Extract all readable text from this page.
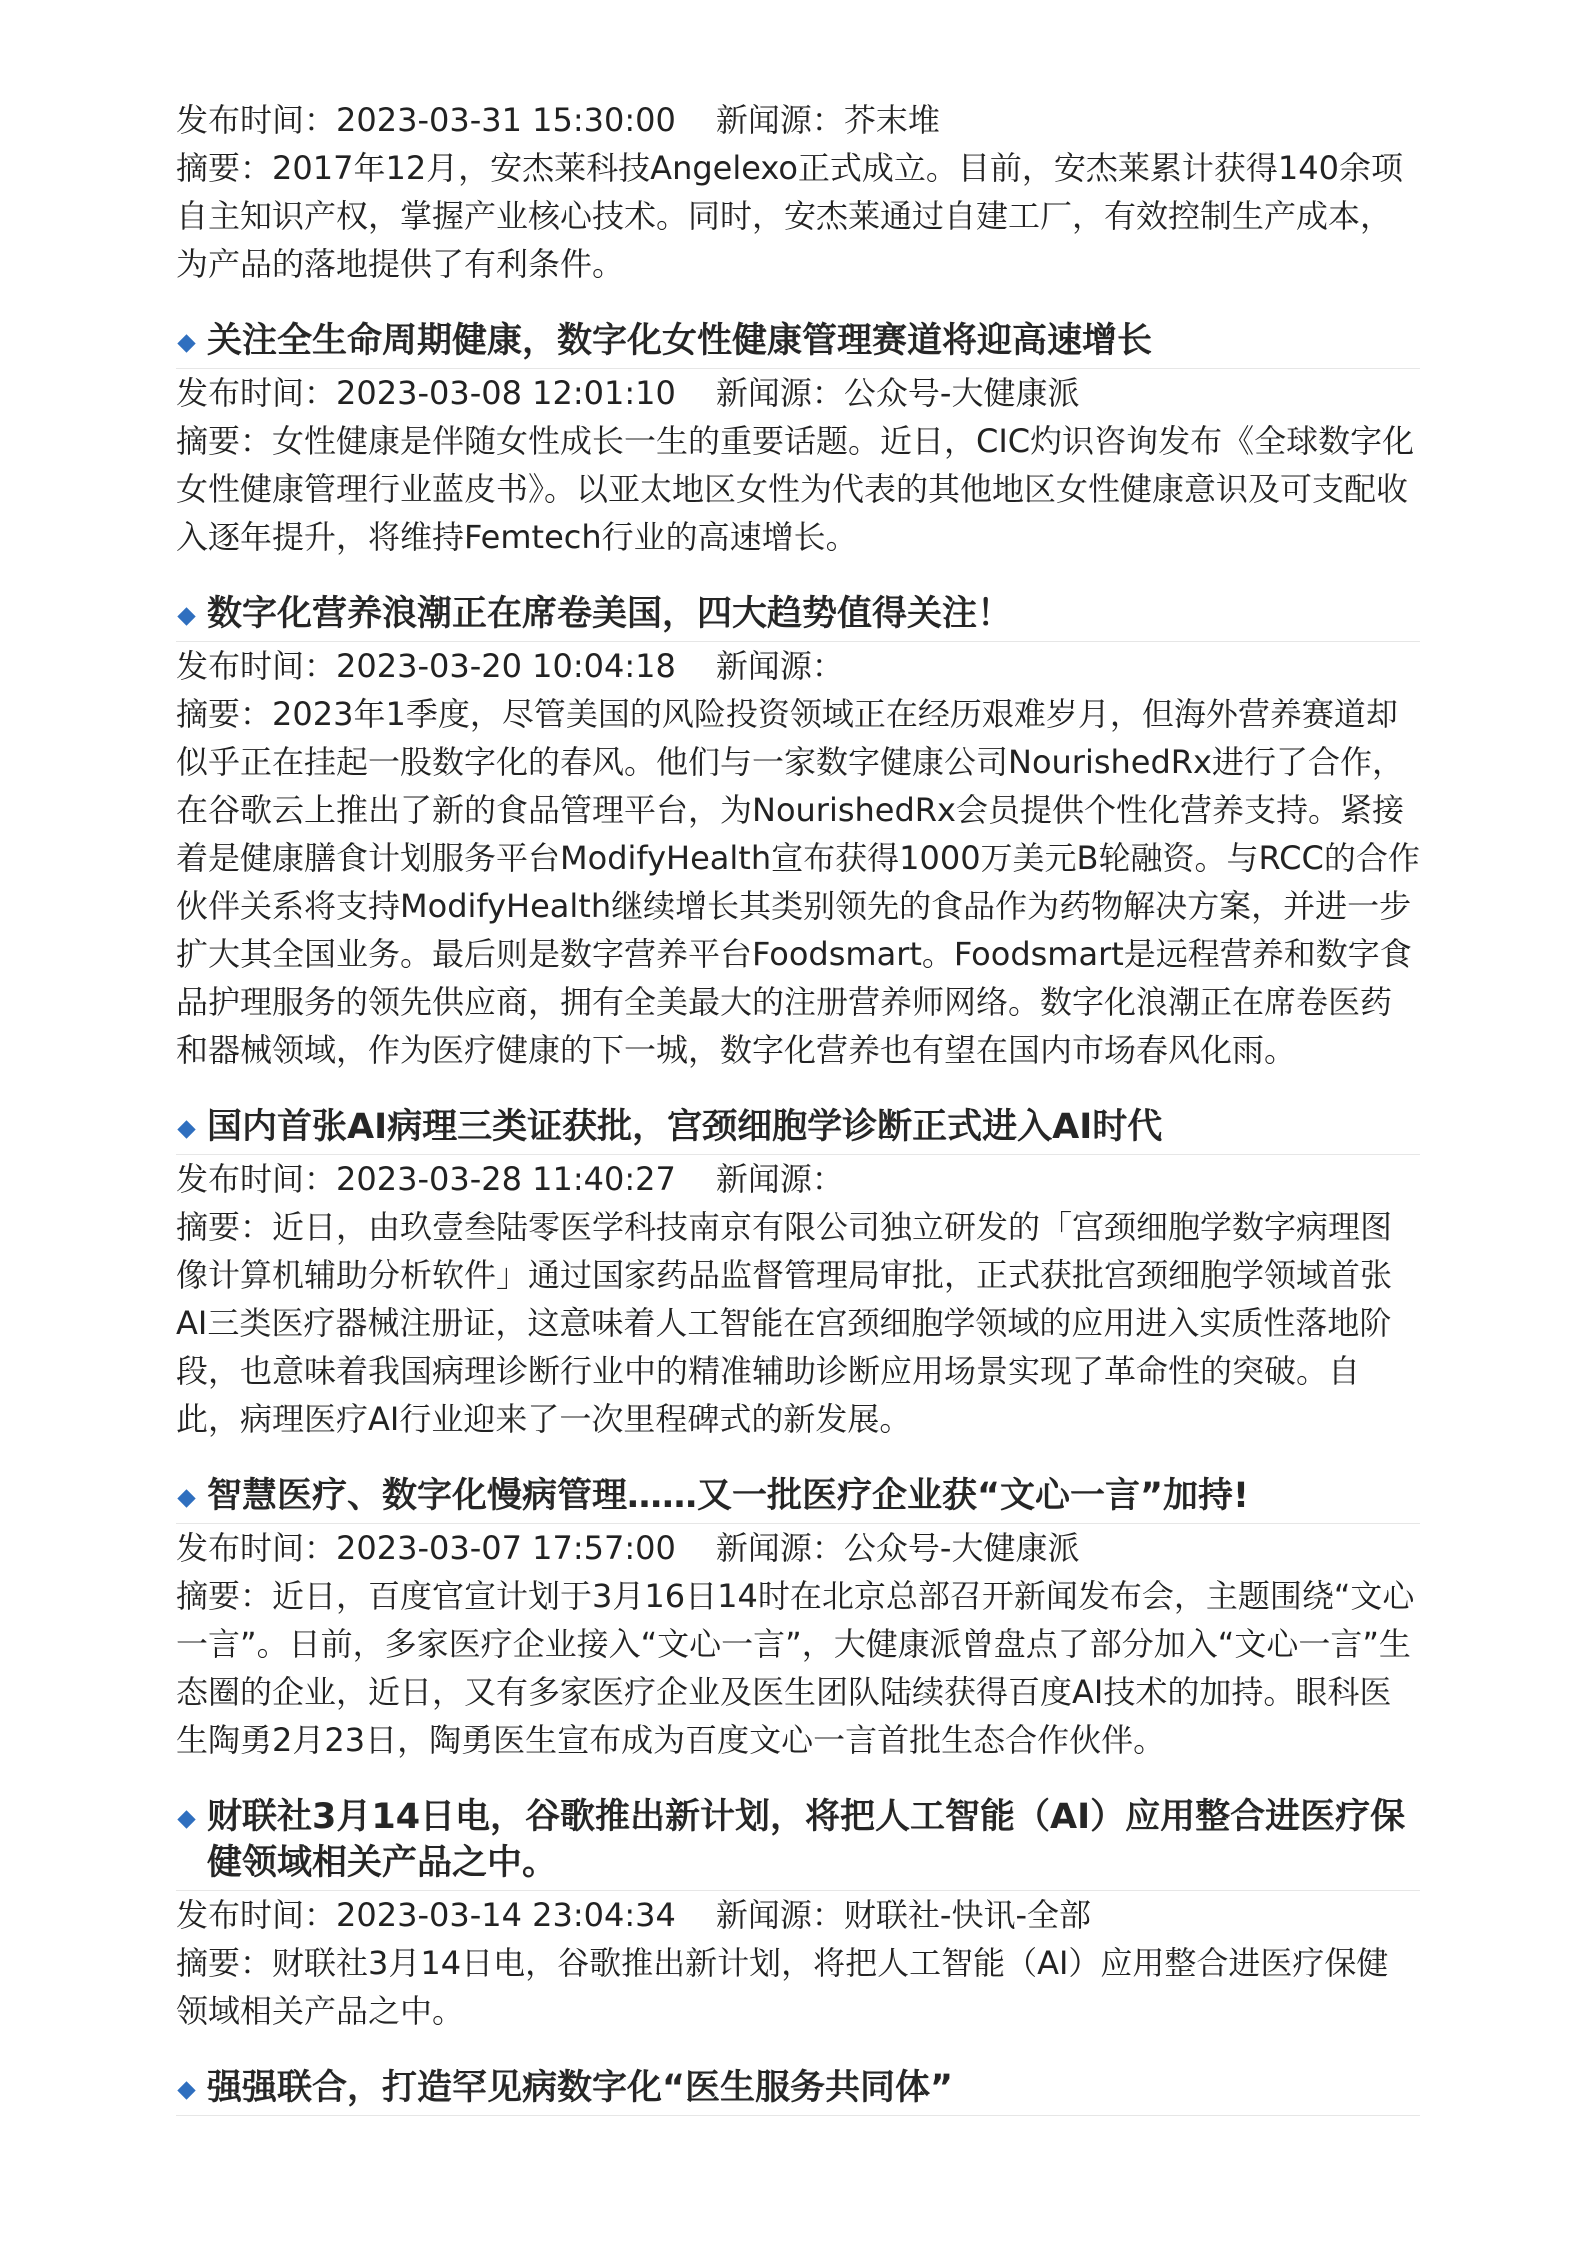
发布时间：2023-03-31 15:30:00 新闻源：芥末堆

摘要：2017年12月，安杰莱科技Angelexo正式成立。目前，安杰莱累计获得140余项自主知识产权，掌握产业核心技术。同时，安杰莱通过自建工厂，有效控制生产成本，为产品的落地提供了有利条件。

关注全生命周期健康，数字化女性健康管理赛道将迎高速增长
发布时间：2023-03-08 12:01:10 新闻源：公众号-大健康派

摘要：女性健康是伴随女性成长一生的重要话题。近日，CIC灼识咨询发布《全球数字化女性健康管理行业蓝皮书》。以亚太地区女性为代表的其他地区女性健康意识及可支配收入逐年提升，将维持Femtech行业的高速增长。

数字化营养浪潮正在席卷美国，四大趋势值得关注！
发布时间：2023-03-20 10:04:18 新闻源：

摘要：2023年1季度，尽管美国的风险投资领域正在经历艰难岁月，但海外营养赛道却似乎正在挂起一股数字化的春风。他们与一家数字健康公司NourishedRx进行了合作，在谷歌云上推出了新的食品管理平台，为NourishedRx会员提供个性化营养支持。紧接着是健康膳食计划服务平台ModifyHealth宣布获得1000万美元B轮融资。与RCC的合作伙伴关系将支持ModifyHealth继续增长其类别领先的食品作为药物解决方案，并进一步扩大其全国业务。最后则是数字营养平台Foodsmart。Foodsmart是远程营养和数字食品护理服务的领先供应商，拥有全美最大的注册营养师网络。数字化浪潮正在席卷医药和器械领域，作为医疗健康的下一城，数字化营养也有望在国内市场春风化雨。

国内首张AI病理三类证获批，宫颈细胞学诊断正式进入AI时代
发布时间：2023-03-28 11:40:27 新闻源：

摘要：近日，由玖壹叁陆零医学科技南京有限公司独立研发的「宫颈细胞学数字病理图像计算机辅助分析软件」通过国家药品监督管理局审批，正式获批宫颈细胞学领域首张AI三类医疗器械注册证，这意味着人工智能在宫颈细胞学领域的应用进入实质性落地阶段，也意味着我国病理诊断行业中的精准辅助诊断应用场景实现了革命性的突破。自此，病理医疗AI行业迎来了一次里程碑式的新发展。

智慧医疗、数字化慢病管理……又一批医疗企业获“文心一言”加持!
发布时间：2023-03-07 17:57:00 新闻源：公众号-大健康派

摘要：近日，百度官宣计划于3月16日14时在北京总部召开新闻发布会，主题围绕“文心一言”。日前，多家医疗企业接入“文心一言”，大健康派曾盘点了部分加入“文心一言”生态圈的企业，近日，又有多家医疗企业及医生团队陆续获得百度AI技术的加持。眼科医生陶勇2月23日，陶勇医生宣布成为百度文心一言首批生态合作伙伴。

财联社3月14日电，谷歌推出新计划，将把人工智能（AI）应用整合进医疗保健领域相关产品之中。
发布时间：2023-03-14 23:04:34 新闻源：财联社-快讯-全部

摘要：财联社3月14日电，谷歌推出新计划，将把人工智能（AI）应用整合进医疗保健领域相关产品之中。

强强联合，打造罕见病数字化“医生服务共同体”
